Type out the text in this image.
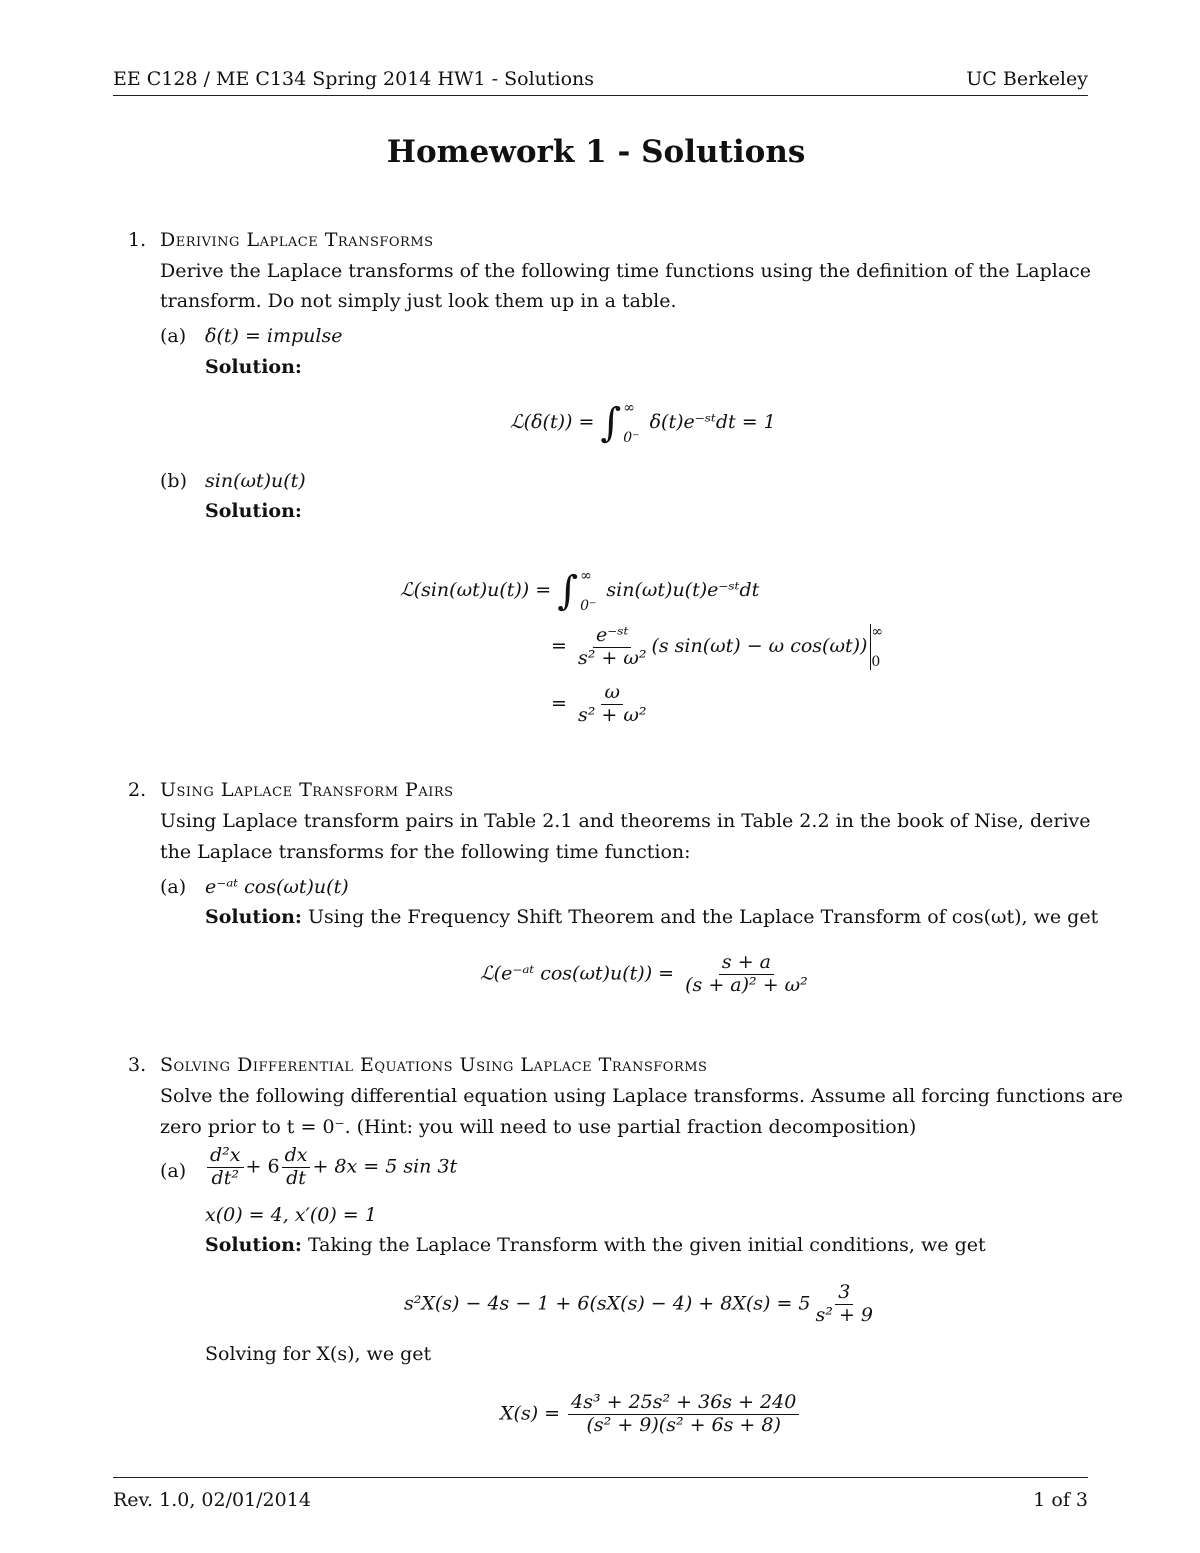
EE C128 / ME C134 Spring 2014 HW1 - Solutions	UC Berkeley
Homework 1 - Solutions
1. Deriving Laplace Transforms
Derive the Laplace transforms of the following time functions using the definition of the Laplace
transform. Do not simply just look them up in a table.
(a) δ(t) = impulse
Solution:
ℒ(δ(t)) = ∫ ∞
0⁻
δ(t)e⁻ˢᵗdt = 1
(b) sin(ωt)u(t)
Solution:
ℒ(sin(ωt)u(t)) = ∫ ∞
0⁻
sin(ωt)u(t)e⁻ˢᵗdt
= $\frac{\text{e⁻ˢᵗ}}{\text{s² + ω²}} (s$ sin(ωt) − ω cos(ωt))
∞
0
= $\frac{\omega}{\text{s² + ω²}}$
2. Using Laplace Transform Pairs
Using Laplace transform pairs in Table 2.1 and theorems in Table 2.2 in the book of Nise, derive
the Laplace transforms for the following time function:
(a) e⁻ᵃᵗ cos(ωt)u(t)
Solution: Using the Frequency Shift Theorem and the Laplace Transform of cos(ωt), we get
ℒ(e⁻ᵃᵗ $\cos(\omega t)u(t)) = \frac{s + a}{\text{(s + a)² + ω²}}$
3. Solving Differential Equations Using Laplace Transforms
Solve the following differential equation using Laplace transforms. Assume all forcing functions are
zero prior to t = 0⁻. (Hint: you will need to use partial fraction decomposition)
$(a) \frac{\text{d²x}}{\text{dt²}} + 6 \frac{dx}{dt} + 8x = 5$ sin 3t
x(0) = 4, x′(0) = 1
Solution: Taking the Laplace Transform with the given initial conditions, we get
$s^2X(s) - 4s - 1 + 6(sX(s) - 4) + 8X(s) = 5 \frac{3}{\text{s² + 9}}$
Solving for X(s), we get
$X(s) = \frac{\text{4s³ + 25s² + 36s + 240}}{\text{(s² + 9)(s² + 6s + 8)}}$
Rev. 1.0, 02/01/2014	1 of 3
